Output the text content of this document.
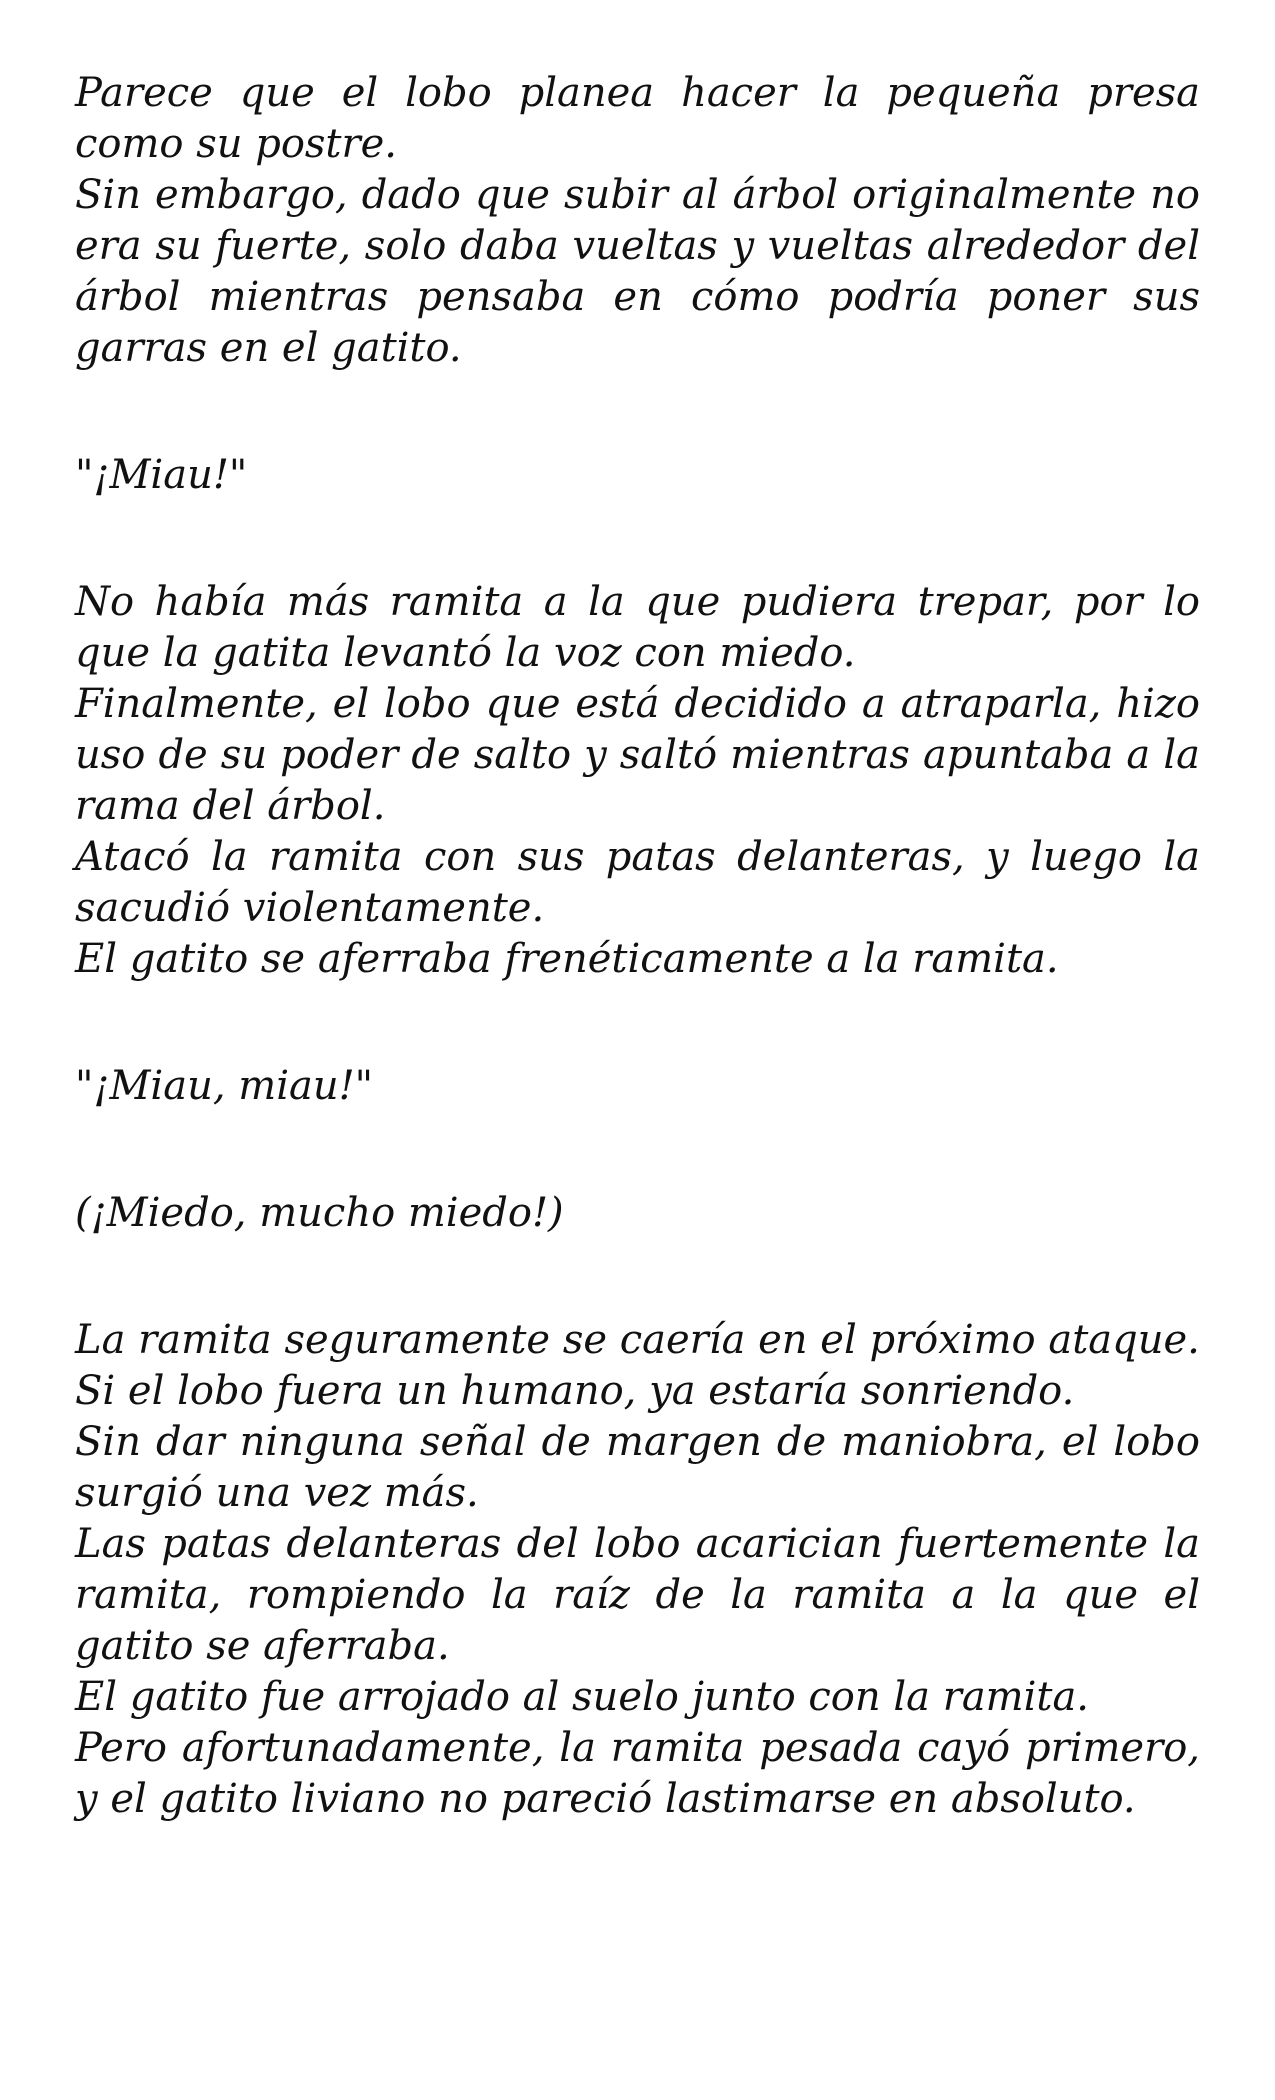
Parece que el lobo planea hacer la pequeña presa como su postre.
Sin embargo, dado que subir al árbol originalmente no era su fuerte, solo daba vueltas y vueltas alrededor del árbol mientras pensaba en cómo podría poner sus garras en el gatito.

"¡Miau!"

No había más ramita a la que pudiera trepar, por lo que la gatita levantó la voz con miedo.
Finalmente, el lobo que está decidido a atraparla, hizo uso de su poder de salto y saltó mientras apuntaba a la rama del árbol.
Atacó la ramita con sus patas delanteras, y luego la sacudió violentamente.
El gatito se aferraba frenéticamente a la ramita.

"¡Miau, miau!"

(¡Miedo, mucho miedo!)

La ramita seguramente se caería en el próximo ataque.
Si el lobo fuera un humano, ya estaría sonriendo.
Sin dar ninguna señal de margen de maniobra, el lobo surgió una vez más.
Las patas delanteras del lobo acarician fuertemente la ramita, rompiendo la raíz de la ramita a la que el gatito se aferraba.
El gatito fue arrojado al suelo junto con la ramita.
Pero afortunadamente, la ramita pesada cayó primero, y el gatito liviano no pareció lastimarse en absoluto.
